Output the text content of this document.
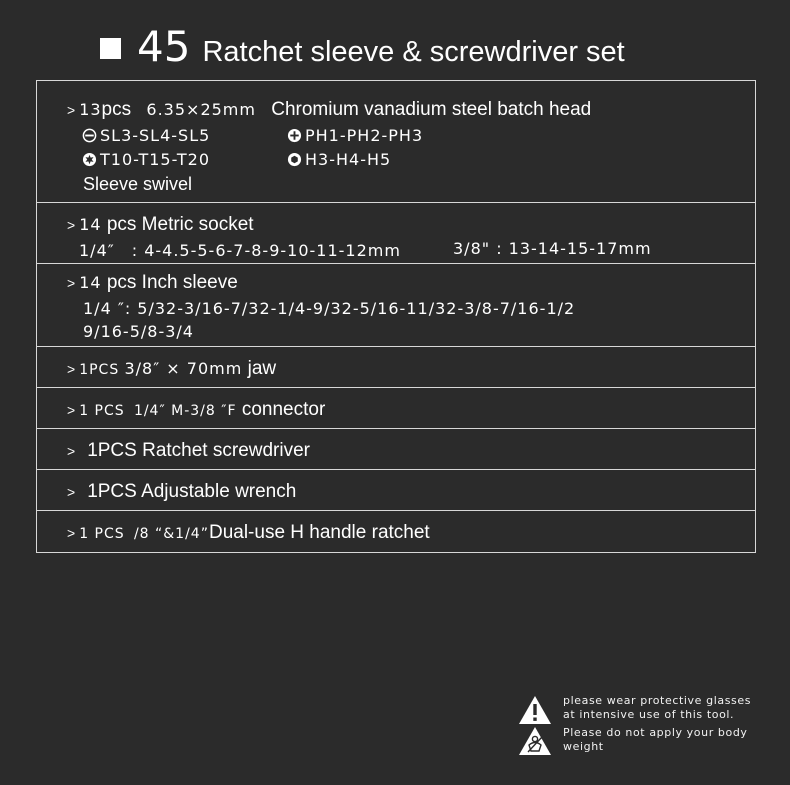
45 Ratchet sleeve & screwdriver set
> 13pcs 6.35×25mm Chromium vanadium steel batch head
SL3-SL4-SL5	PH1-PH2-PH3
T10-T15-T20	H3-H4-H5
Sleeve swivel
> 14 pcs Metric socket
1/4″　: 4-4.5-5-6-7-8-9-10-11-12mm	3/8" : 13-14-15-17mm
> 14 pcs Inch sleeve
1/4 ″: 5/32-3/16-7/32-1/4-9/32-5/16-11/32-3/8-7/16-1/2
9/16-5/8-3/4
> 1PCS 3/8″ × 70mm jaw
> 1 PCS 1/4″ M-3/8 ″F connector
> 1PCS Ratchet screwdriver
> 1PCS Adjustable wrench
> 1 PCS /8 “&1/4”Dual-use H handle ratchet
please wear protective glasses
at intensive use of this tool.
Please do not apply your body
weight
